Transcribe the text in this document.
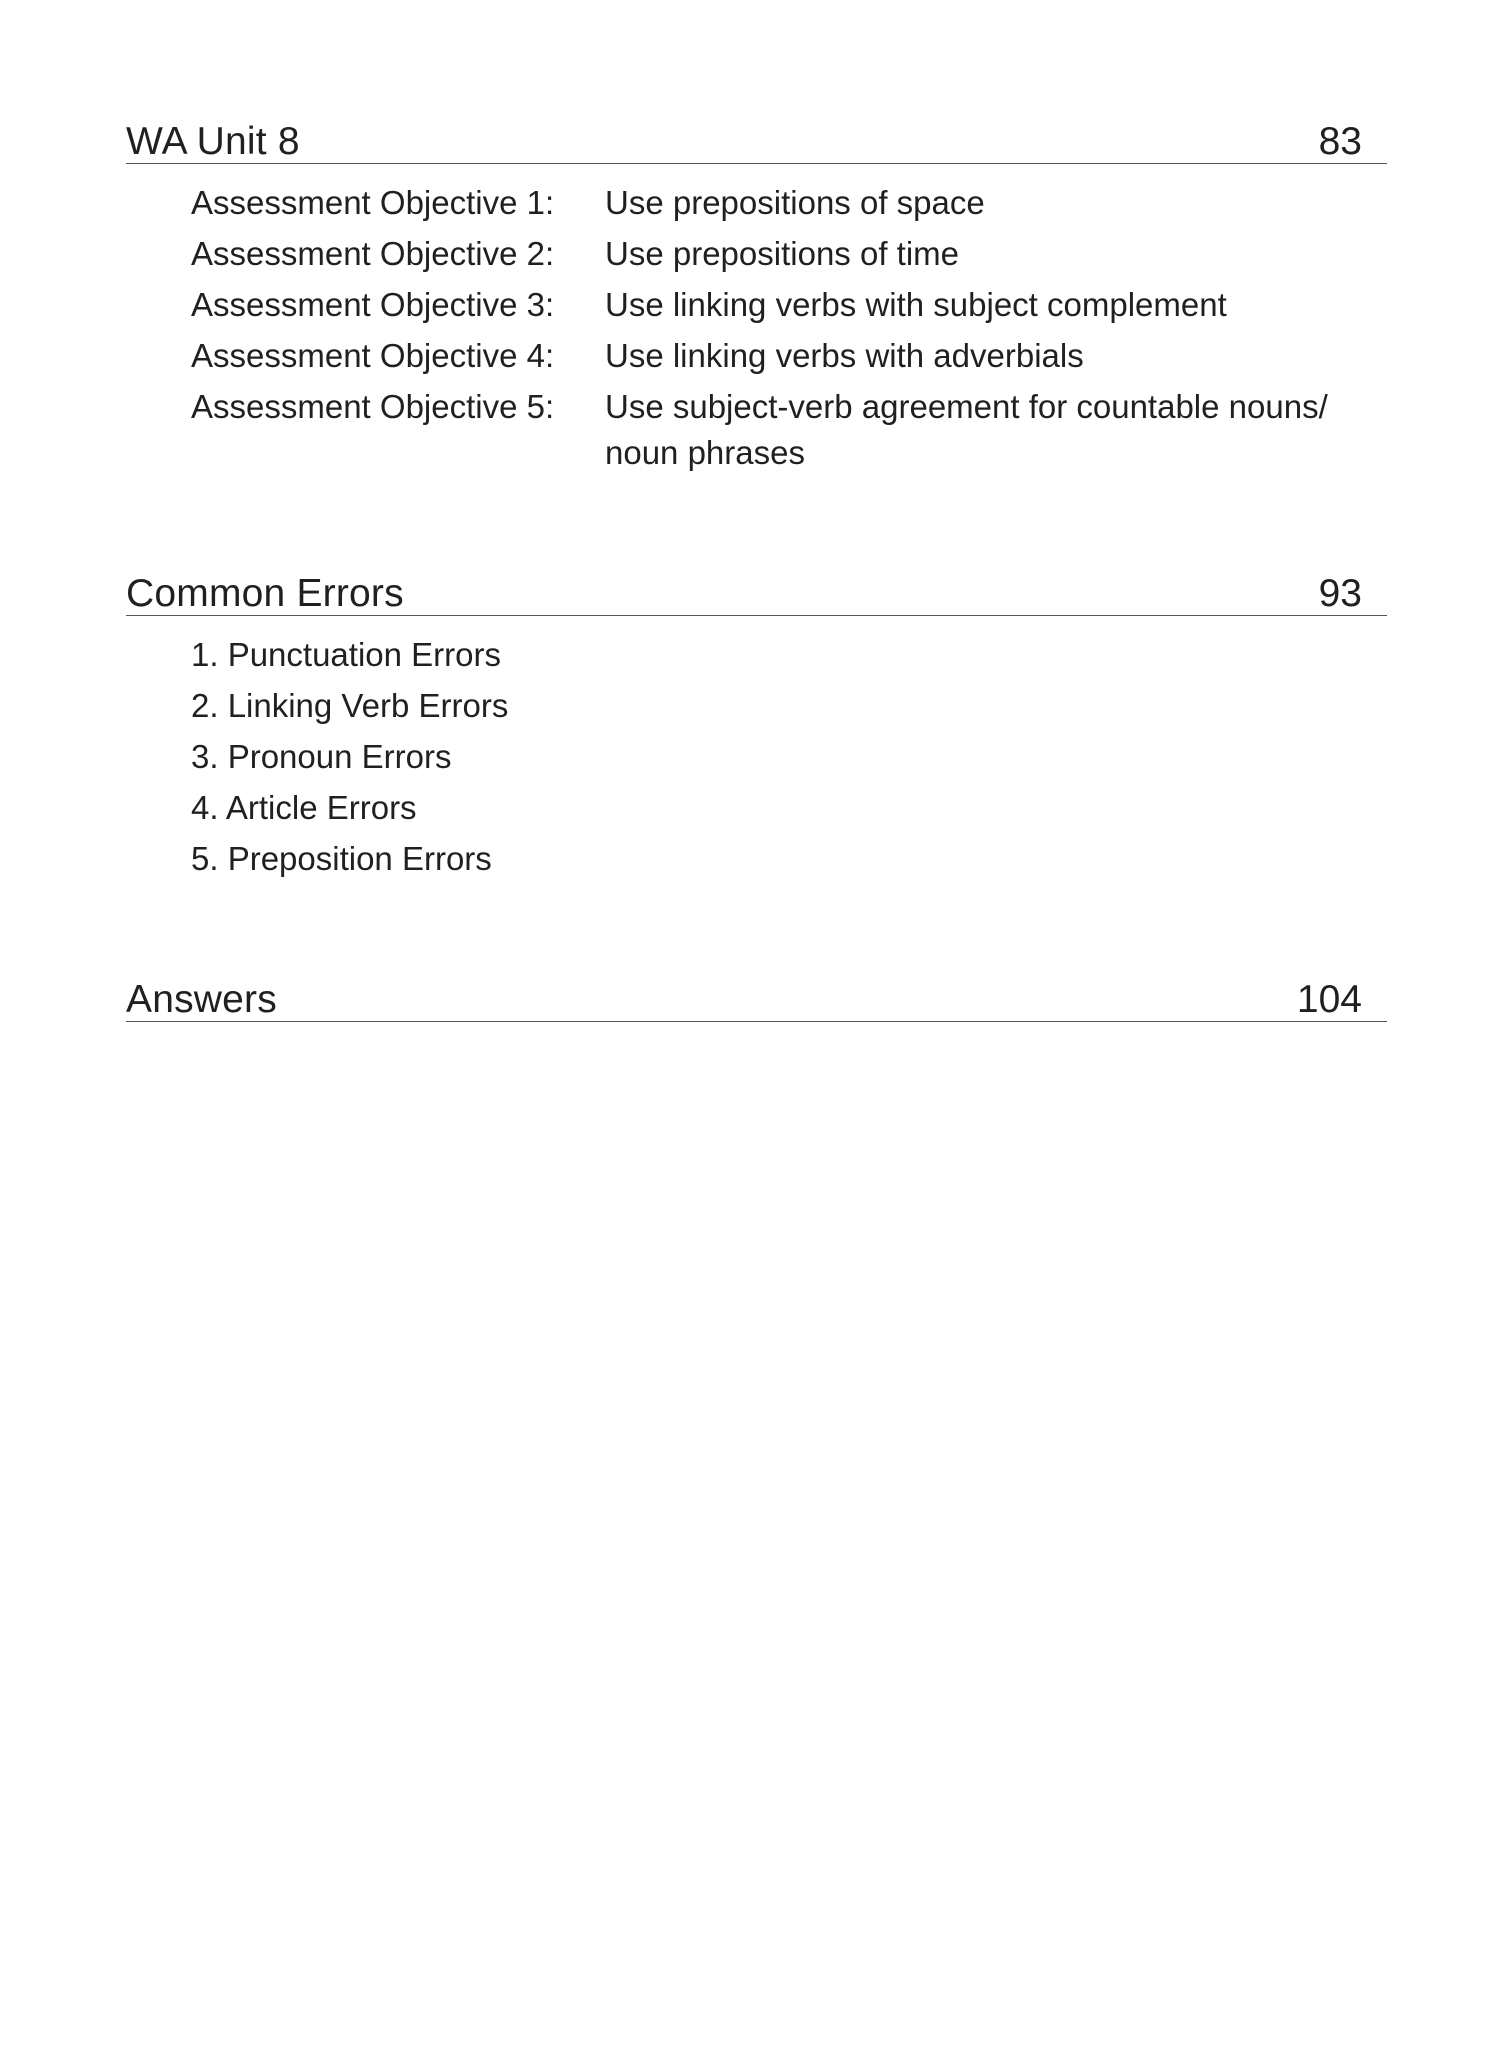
WA Unit 8	83
Assessment Objective 1:	Use prepositions of space
Assessment Objective 2:	Use prepositions of time
Assessment Objective 3:	Use linking verbs with subject complement
Assessment Objective 4:	Use linking verbs with adverbials
Assessment Objective 5:	Use subject-verb agreement for countable nouns/ noun phrases
Common Errors	93
1. Punctuation Errors
2. Linking Verb Errors
3. Pronoun Errors
4. Article Errors
5. Preposition Errors
Answers	104
